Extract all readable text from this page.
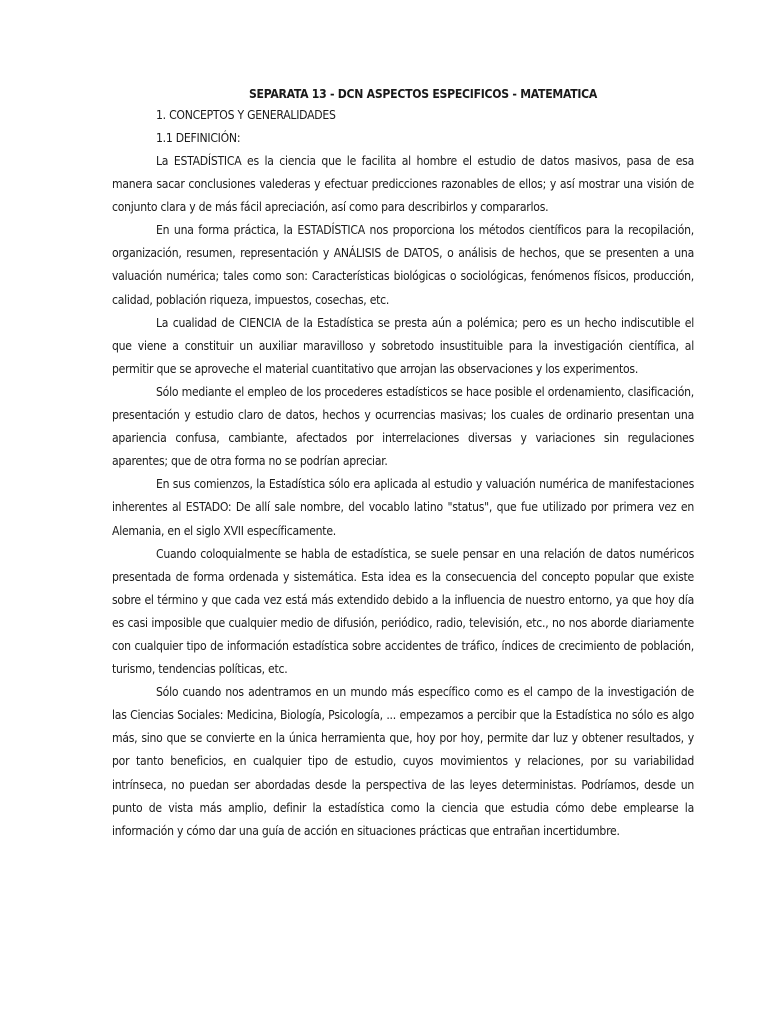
SEPARATA 13 - DCN ASPECTOS ESPECIFICOS - MATEMATICA

1. CONCEPTOS Y GENERALIDADES

1.1 DEFINICIÓN:

La ESTADÍSTICA es la ciencia que le facilita al hombre el estudio de datos masivos, pasa de esa manera sacar conclusiones valederas y efectuar predicciones razonables de ellos; y así mostrar una visión de conjunto clara y de más fácil apreciación, así como para describirlos y compararlos.

En una forma práctica, la ESTADÍSTICA nos proporciona los métodos científicos para la recopilación, organización, resumen, representación y ANÁLISIS de DATOS, o análisis de hechos, que se presenten a una valuación numérica; tales como son: Características biológicas o sociológicas, fenómenos físicos, producción, calidad, población riqueza, impuestos, cosechas, etc.

La cualidad de CIENCIA de la Estadística se presta aún a polémica; pero es un hecho indiscutible el que viene a constituir un auxiliar maravilloso y sobretodo insustituible para la investigación científica, al permitir que se aproveche el material cuantitativo que arrojan las observaciones y los experimentos.

Sólo mediante el empleo de los procederes estadísticos se hace posible el ordenamiento, clasificación, presentación y estudio claro de datos, hechos y ocurrencias masivas; los cuales de ordinario presentan una apariencia confusa, cambiante, afectados por interrelaciones diversas y variaciones sin regulaciones aparentes; que de otra forma no se podrían apreciar.

En sus comienzos, la Estadística sólo era aplicada al estudio y valuación numérica de manifestaciones inherentes al ESTADO: De allí sale nombre, del vocablo latino "status", que fue utilizado por primera vez en Alemania, en el siglo XVII específicamente.

Cuando coloquialmente se habla de estadística, se suele pensar en una relación de datos numéricos presentada de forma ordenada y sistemática. Esta idea es la consecuencia del concepto popular que existe sobre el término y que cada vez está más extendido debido a la influencia de nuestro entorno, ya que hoy día es casi imposible que cualquier medio de difusión, periódico, radio, televisión, etc., no nos aborde diariamente con cualquier tipo de información estadística sobre accidentes de tráfico, índices de crecimiento de población, turismo, tendencias políticas, etc.

Sólo cuando nos adentramos en un mundo más específico como es el campo de la investigación de las Ciencias Sociales: Medicina, Biología, Psicología, ... empezamos a percibir que la Estadística no sólo es algo más, sino que se convierte en la única herramienta que, hoy por hoy, permite dar luz y obtener resultados, y por tanto beneficios, en cualquier tipo de estudio, cuyos movimientos y relaciones, por su variabilidad intrínseca, no puedan ser abordadas desde la perspectiva de las leyes deterministas. Podríamos, desde un punto de vista más amplio, definir la estadística como la ciencia que estudia cómo debe emplearse la información y cómo dar una guía de acción en situaciones prácticas que entrañan incertidumbre.
